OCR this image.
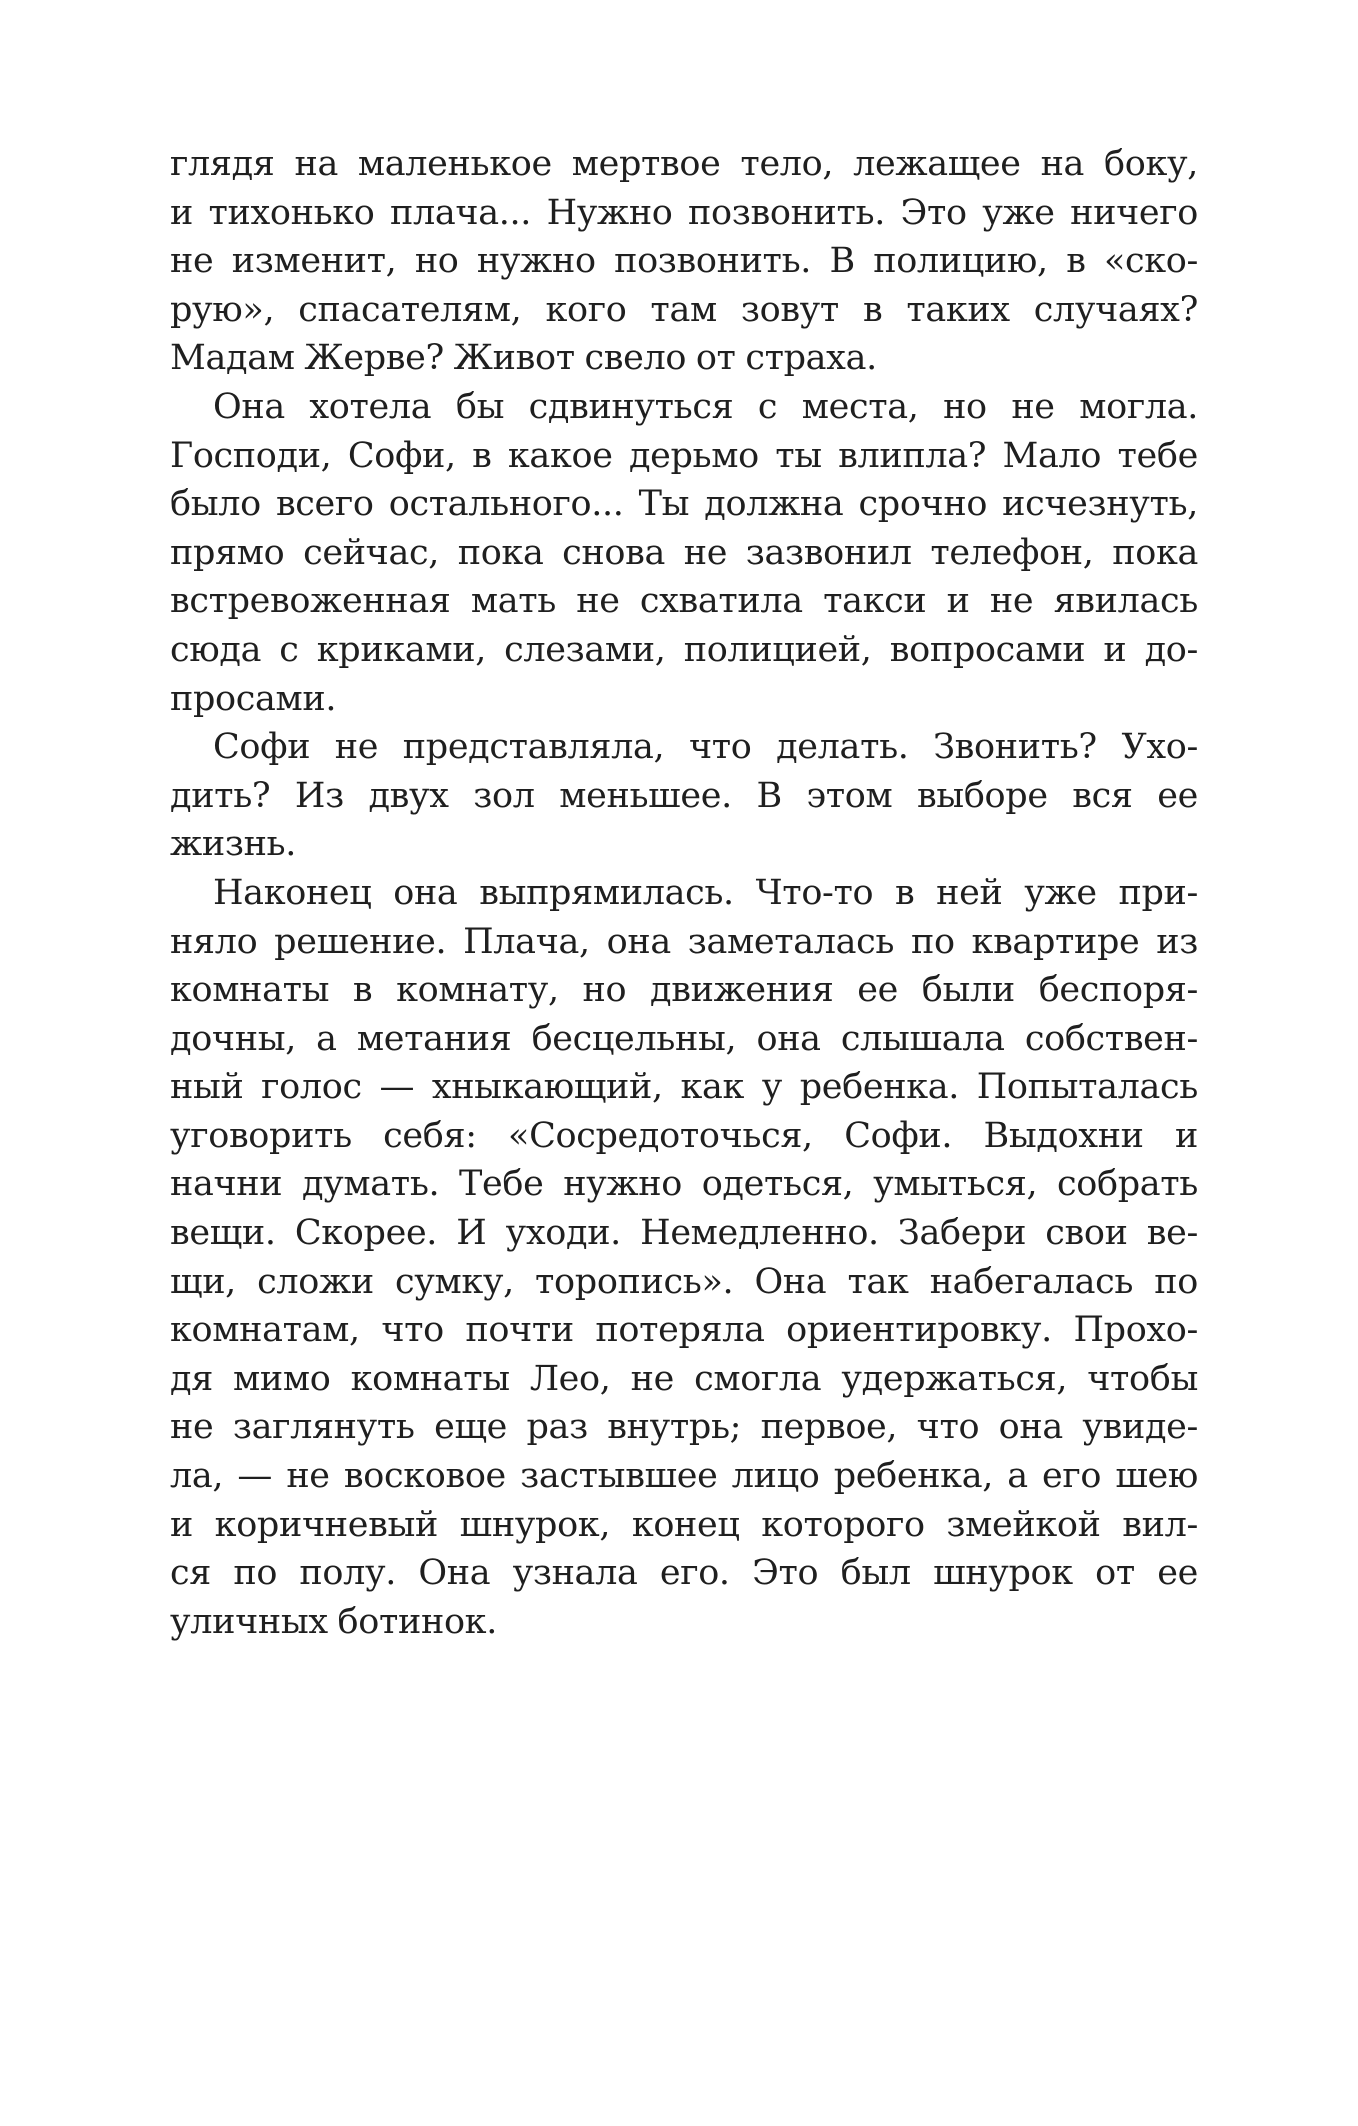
глядя на маленькое мертвое тело, лежащее на боку,
и тихонько плача... Нужно позвонить. Это уже ничего
не изменит, но нужно позвонить. В полицию, в «ско-
рую», спасателям, кого там зовут в таких случаях?
Мадам Жерве? Живот свело от страха.
Она хотела бы сдвинуться с места, но не могла.
Господи, Софи, в какое дерьмо ты влипла? Мало тебе
было всего остального... Ты должна срочно исчезнуть,
прямо сейчас, пока снова не зазвонил телефон, пока
встревоженная мать не схватила такси и не явилась
сюда с криками, слезами, полицией, вопросами и до-
просами.
Софи не представляла, что делать. Звонить? Ухо-
дить? Из двух зол меньшее. В этом выборе вся ее
жизнь.
Наконец она выпрямилась. Что-то в ней уже при-
няло решение. Плача, она заметалась по квартире из
комнаты в комнату, но движения ее были беспоря-
дочны, а метания бесцельны, она слышала собствен-
ный голос — хныкающий, как у ребенка. Попыталась
уговорить себя: «Сосредоточься, Софи. Выдохни и
начни думать. Тебе нужно одеться, умыться, собрать
вещи. Скорее. И уходи. Немедленно. Забери свои ве-
щи, сложи сумку, торопись». Она так набегалась по
комнатам, что почти потеряла ориентировку. Прохо-
дя мимо комнаты Лео, не смогла удержаться, чтобы
не заглянуть еще раз внутрь; первое, что она увиде-
ла, — не восковое застывшее лицо ребенка, а его шею
и коричневый шнурок, конец которого змейкой вил-
ся по полу. Она узнала его. Это был шнурок от ее
уличных ботинок.
